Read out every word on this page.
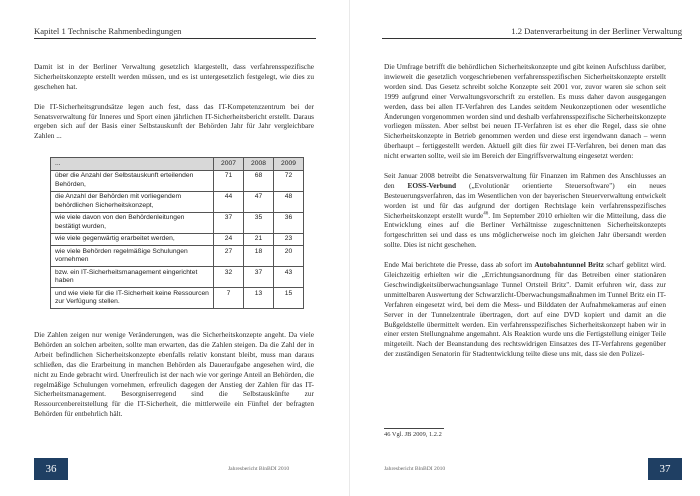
Kapitel 1 Technische Rahmenbedingungen

Damit ist in der Berliner Verwaltung gesetzlich klargestellt, dass verfahrensspezifische Sicherheitskonzepte erstellt werden müssen, und es ist untergesetzlich festgelegt, wie dies zu geschehen hat.

Die IT-Sicherheitsgrundsätze legen auch fest, dass das IT-Kompetenzzentrum bei der Senatsverwaltung für Inneres und Sport einen jährlichen IT-Sicherheitsbericht erstellt. Daraus ergeben sich auf der Basis einer Selbstauskunft der Behörden Jahr für Jahr vergleichbare Zahlen ...

...	2007	2008	2009
über die Anzahl der Selbstauskunft erteilenden Behörden,	71	68	72
die Anzahl der Behörden mit vorliegendem behördlichen Sicherheitskonzept,	44	47	48
wie viele davon von den Behördenleitungen bestätigt wurden,	37	35	36
wie viele gegenwärtig erarbeitet werden,	24	21	23
wie viele Behörden regelmäßige Schulungen vornehmen	27	18	20
bzw. ein IT-Sicherheitsmanagement eingerichtet haben	32	37	43
und wie viele für die IT-Sicherheit keine Ressourcen zur Verfügung stellen.	7	13	15

Die Zahlen zeigen nur wenige Veränderungen, was die Sicherheitskonzepte angeht. Da viele Behörden an solchen arbeiten, sollte man erwarten, das die Zahlen steigen. Da die Zahl der in Arbeit befindlichen Sicherheitskonzepte ebenfalls relativ konstant bleibt, muss man daraus schließen, das die Erarbeitung in manchen Behörden als Daueraufgabe angesehen wird, die nicht zu Ende gebracht wird. Unerfreulich ist der nach wie vor geringe Anteil an Behörden, die regelmäßige Schulungen vornehmen, erfreulich dagegen der Anstieg der Zahlen für das IT-Sicherheitsmanagement. Besorgniserregend sind die Selbstauskünfte zur Ressourcenbereitstellung für die IT-Sicherheit, die mittlerweile ein Fünftel der befragten Behörden für entbehrlich hält.

36	Jahresbericht BlnBDI 2010
1.2 Datenverarbeitung in der Berliner Verwaltung

Die Umfrage betrifft die behördlichen Sicherheitskonzepte und gibt keinen Aufschluss darüber, inwieweit die gesetzlich vorgeschriebenen verfahrensspezifischen Sicherheitskonzepte erstellt worden sind. Das Gesetz schreibt solche Konzepte seit 2001 vor, zuvor waren sie schon seit 1999 aufgrund einer Verwaltungsvorschrift zu erstellen. Es muss daher davon ausgegangen werden, dass bei allen IT-Verfahren des Landes seitdem Neukonzeptionen oder wesentliche Änderungen vorgenommen worden sind und deshalb verfahrensspezifische Sicherheitskonzepte vorliegen müssten. Aber selbst bei neuen IT-Verfahren ist es eher die Regel, dass sie ohne Sicherheitskonzepte in Betrieb genommen werden und diese erst irgendwann danach – wenn überhaupt – fertiggestellt werden. Aktuell gilt dies für zwei IT-Verfahren, bei denen man das nicht erwarten sollte, weil sie im Bereich der Eingriffsverwaltung eingesetzt werden:

Seit Januar 2008 betreibt die Senatsverwaltung für Finanzen im Rahmen des Anschlusses an den EOSS-Verbund („Evolutionär orientierte Steuersoftware") ein neues Besteuerungsverfahren, das im Wesentlichen von der bayerischen Steuerverwaltung entwickelt worden ist und für das aufgrund der dortigen Rechtslage kein verfahrensspezifisches Sicherheitskonzept erstellt wurde$^{46}$. Im September 2010 erhielten wir die Mitteilung, dass die Entwicklung eines auf die Berliner Verhältnisse zugeschnittenen Sicherheitskonzepts fortgeschritten sei und dass es uns möglicherweise noch im gleichen Jahr übersandt werden sollte. Dies ist nicht geschehen.

Ende Mai berichtete die Presse, dass ab sofort im Autobahntunnel Britz scharf geblitzt wird. Gleichzeitig erhielten wir die „Errichtungsanordnung für das Betreiben einer stationären Geschwindigkeitsüberwachungsanlage Tunnel Ortsteil Britz". Damit erfuhren wir, dass zur unmittelbaren Auswertung der Schwarzlicht-Überwachungsmaßnahmen im Tunnel Britz ein IT-Verfahren eingesetzt wird, bei dem die Mess- und Bilddaten der Aufnahmekameras auf einen Server in der Tunnelzentrale übertragen, dort auf eine DVD kopiert und damit an die Bußgeldstelle übermittelt werden. Ein verfahrensspezifisches Sicherheitskonzept haben wir in einer ersten Stellungnahme angemahnt. Als Reaktion wurde uns die Fertigstellung einiger Teile mitgeteilt. Nach der Beanstandung des rechtswidrigen Einsatzes des IT-Verfahrens gegenüber der zuständigen Senatorin für Stadtentwicklung teilte diese uns mit, dass sie den Polizei-

46 Vgl. JB 2009, 1.2.2
37
Jahresbericht BlnBDI 2010
